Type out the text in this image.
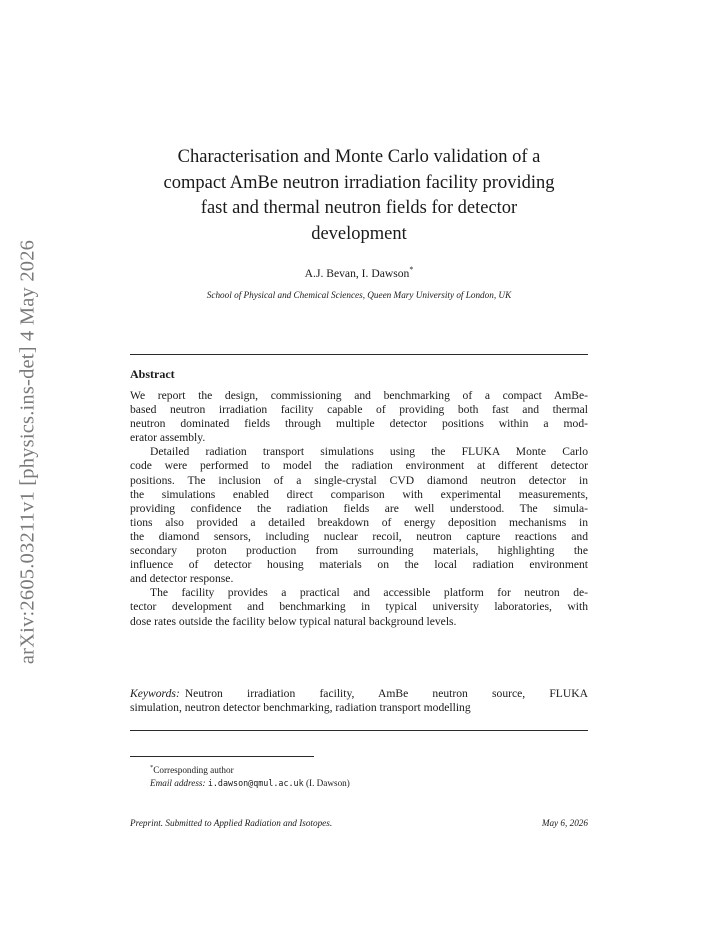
arXiv:2605.03211v1 [physics.ins-det] 4 May 2026
Characterisation and Monte Carlo validation of a
compact AmBe neutron irradiation facility providing
fast and thermal neutron fields for detector
development
A.J. Bevan, I. Dawson*
School of Physical and Chemical Sciences, Queen Mary University of London, UK
Abstract
We report the design, commissioning and benchmarking of a compact AmBe-
based neutron irradiation facility capable of providing both fast and thermal
neutron dominated fields through multiple detector positions within a mod-
erator assembly.
Detailed radiation transport simulations using the FLUKA Monte Carlo
code were performed to model the radiation environment at different detector
positions. The inclusion of a single-crystal CVD diamond neutron detector in
the simulations enabled direct comparison with experimental measurements,
providing confidence the radiation fields are well understood. The simula-
tions also provided a detailed breakdown of energy deposition mechanisms in
the diamond sensors, including nuclear recoil, neutron capture reactions and
secondary proton production from surrounding materials, highlighting the
influence of detector housing materials on the local radiation environment
and detector response.
The facility provides a practical and accessible platform for neutron de-
tector development and benchmarking in typical university laboratories, with
dose rates outside the facility below typical natural background levels.
Keywords: Neutron irradiation facility, AmBe neutron source, FLUKA
simulation, neutron detector benchmarking, radiation transport modelling
*Corresponding author
Email address: i.dawson@qmul.ac.uk (I. Dawson)
Preprint. Submitted to Applied Radiation and Isotopes.	May 6, 2026
